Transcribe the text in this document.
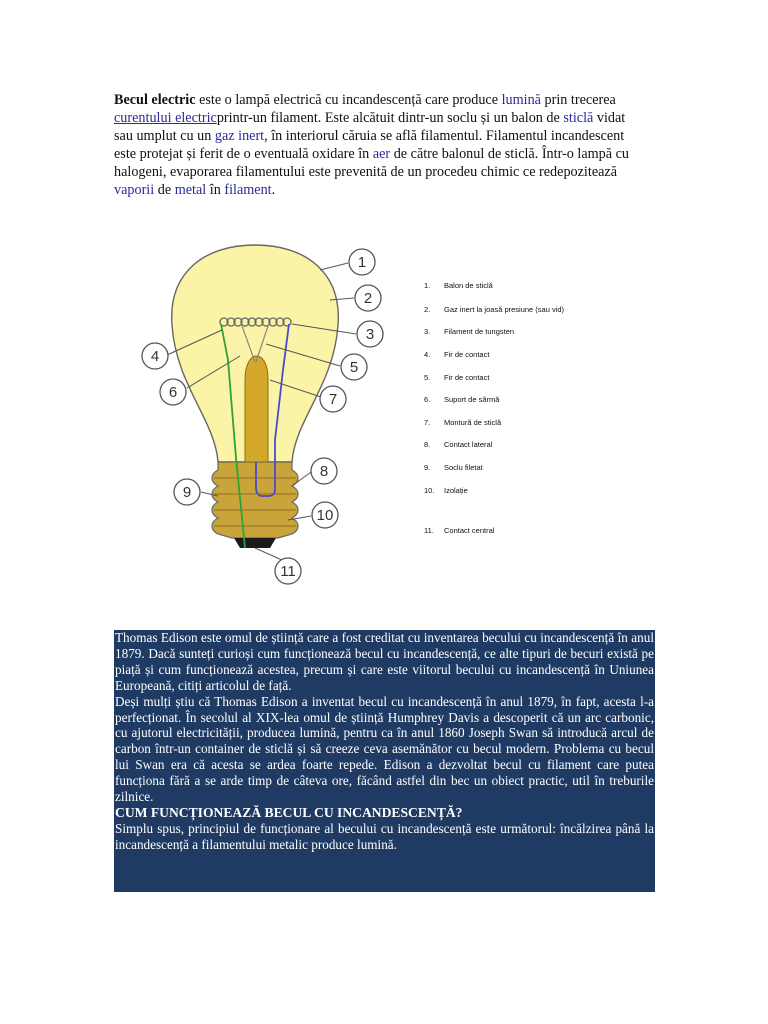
Becul electric este o lampă electrică cu incandescență care produce lumină prin trecerea curentului electricprintr-un filament. Este alcătuit dintr-un soclu și un balon de sticlă vidat sau umplut cu un gaz inert, în interiorul căruia se află filamentul. Filamentul incandescent este protejat și ferit de o eventuală oxidare în aer de către balonul de sticlă. Într-o lampă cu halogeni, evaporarea filamentului este prevenită de un procedeu chimic ce redepozitează vaporii de metal în filament.
1
2
3
4
5
6	7
8
9
10
11
1. Balon de sticlă
2. Gaz inert la joasă presiune (sau vid)
3. Filament de tungsten
4. Fir de contact
5. Fir de contact
6. Suport de sârmă
7. Montură de sticlă
8. Contact lateral
9. Soclu filetat
10. Izolație
11. Contact central

Thomas Edison este omul de știință care a fost creditat cu inventarea becului cu incandescență în anul 1879. Dacă sunteți curioși cum funcționează becul cu incandescență, ce alte tipuri de becuri există pe piață și cum funcționează acestea, precum și care este viitorul becului cu incandescență în Uniunea Europeană, citiți articolul de față.

Deși mulți știu că Thomas Edison a inventat becul cu incandescență în anul 1879, în fapt, acesta l-a perfecționat. În secolul al XIX-lea omul de știință Humphrey Davis a descoperit că un arc carbonic, cu ajutorul electricității, producea lumină, pentru ca în anul 1860 Joseph Swan să introducă arcul de carbon într-un container de sticlă și să creeze ceva asemănător cu becul modern. Problema cu becul lui Swan era că acesta se ardea foarte repede. Edison a dezvoltat becul cu filament care putea funcționa fără a se arde timp de câteva ore, făcând astfel din bec un obiect practic, util în treburile zilnice.

CUM FUNCȚIONEAZĂ BECUL CU INCANDESCENȚĂ?

Simplu spus, principiul de funcționare al becului cu incandescență este următorul: încălzirea până la incandescență a filamentului metalic produce lumină.
